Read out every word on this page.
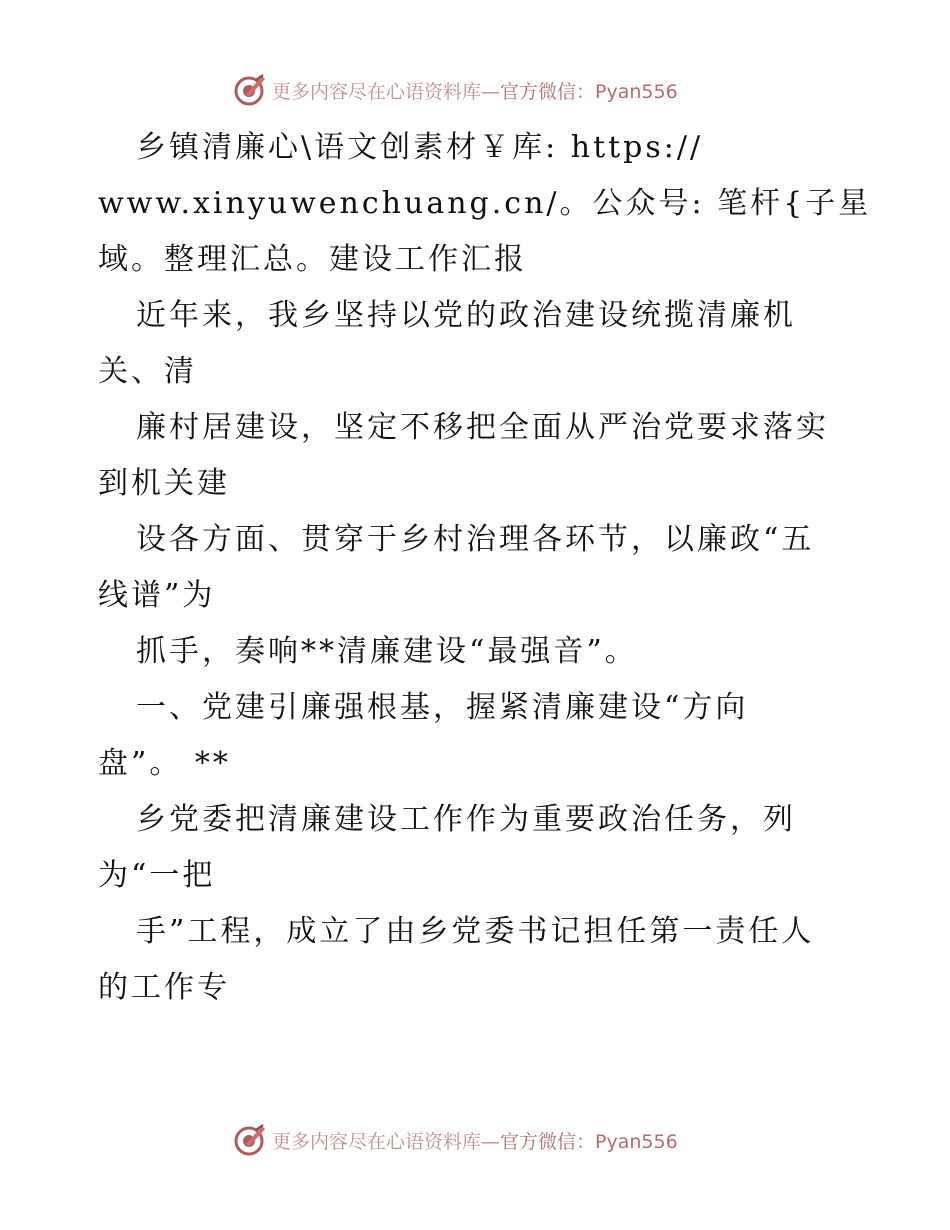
更多内容尽在心语资料库—官方微信：Pyan556

乡镇清廉心\语文创素材￥库: https://

www.xinyuwenchuang.cn/。公众号: 笔杆{子星

域。整理汇总。建设工作汇报

近年来，我乡坚持以党的政治建设统揽清廉机

关、清

廉村居建设，坚定不移把全面从严治党要求落实

到机关建

设各方面、贯穿于乡村治理各环节，以廉政“五

线谱”为

抓手，奏响**清廉建设“最强音”。

一、党建引廉强根基，握紧清廉建设“方向

盘”。 **

乡党委把清廉建设工作作为重要政治任务，列

为“一把

手”工程，成立了由乡党委书记担任第一责任人

的工作专

更多内容尽在心语资料库—官方微信：Pyan556
